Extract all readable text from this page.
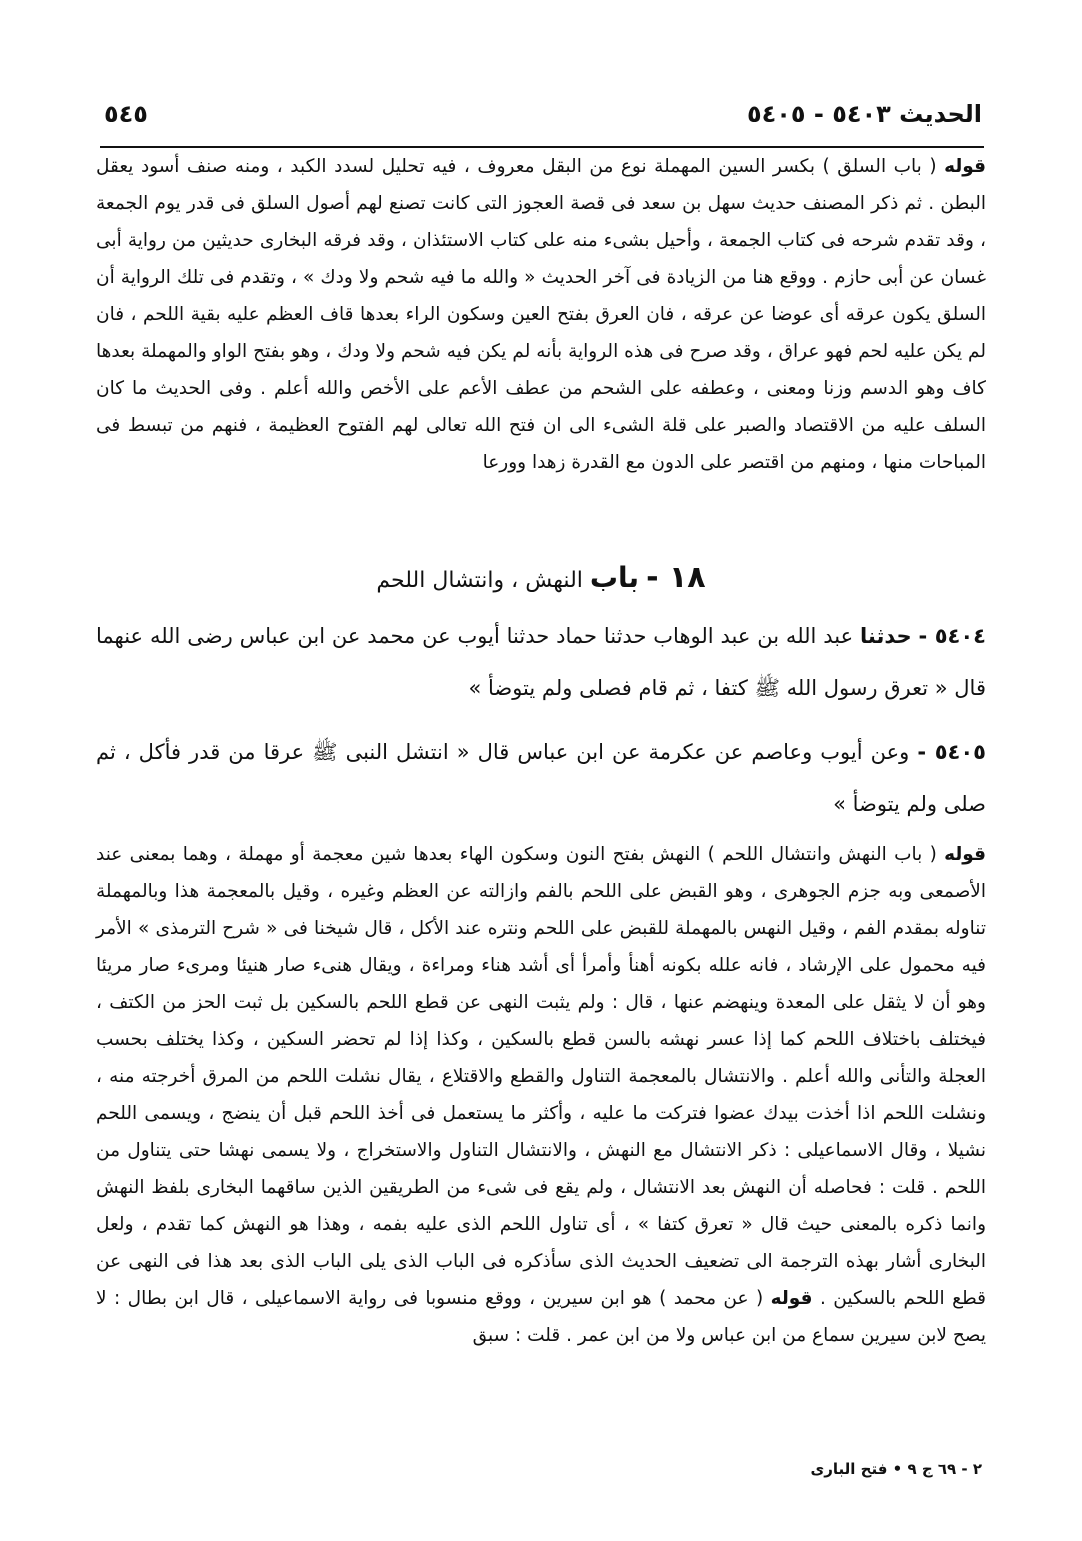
الحديث ٥٤٠٣ - ٥٤٠٥
٥٤٥
قوله ( باب السلق ) بكسر السين المهملة نوع من البقل معروف ، فيه تحليل لسدد الكبد ، ومنه صنف أسود يعقل البطن . ثم ذكر المصنف حديث سهل بن سعد فى قصة العجوز التى كانت تصنع لهم أصول السلق فى قدر يوم الجمعة ، وقد تقدم شرحه فى كتاب الجمعة ، وأحيل بشىء منه على كتاب الاستئذان ، وقد فرقه البخارى حديثين من رواية أبى غسان عن أبى حازم . ووقع هنا من الزيادة فى آخر الحديث « والله ما فيه شحم ولا ودك » ، وتقدم فى تلك الرواية أن السلق يكون عرقه أى عوضا عن عرقه ، فان العرق بفتح العين وسكون الراء بعدها قاف العظم عليه بقية اللحم ، فان لم يكن عليه لحم فهو عراق ، وقد صرح فى هذه الرواية بأنه لم يكن فيه شحم ولا ودك ، وهو بفتح الواو والمهملة بعدها كاف وهو الدسم وزنا ومعنى ، وعطفه على الشحم من عطف الأعم على الأخص والله أعلم . وفى الحديث ما كان السلف عليه من الاقتصاد والصبر على قلة الشىء الى ان فتح الله تعالى لهم الفتوح العظيمة ، فنهم من تبسط فى المباحات منها ، ومنهم من اقتصر على الدون مع القدرة زهدا وورعا
١٨ - باب النهش ، وانتشال اللحم
٥٤٠٤ - حدثنا عبد الله بن عبد الوهاب حدثنا حماد حدثنا أيوب عن محمد عن ابن عباس رضى الله عنهما قال « تعرق رسول الله ﷺ كتفا ، ثم قام فصلى ولم يتوضأ »
٥٤٠٥ - وعن أيوب وعاصم عن عكرمة عن ابن عباس قال « انتشل النبى ﷺ عرقا من قدر فأكل ، ثم صلى ولم يتوضأ »
قوله ( باب النهش وانتشال اللحم ) النهش بفتح النون وسكون الهاء بعدها شين معجمة أو مهملة ، وهما بمعنى عند الأصمعى وبه جزم الجوهرى ، وهو القبض على اللحم بالفم وازالته عن العظم وغيره ، وقيل بالمعجمة هذا وبالمهملة تناوله بمقدم الفم ، وقيل النهس بالمهملة للقبض على اللحم ونتره عند الأكل ، قال شيخنا فى « شرح الترمذى » الأمر فيه محمول على الإرشاد ، فانه علله بكونه أهنأ وأمرأ أى أشد هناء ومراءة ، ويقال هنىء صار هنيئا ومرىء صار مريئا وهو أن لا يثقل على المعدة وينهضم عنها ، قال : ولم يثبت النهى عن قطع اللحم بالسكين بل ثبت الحز من الكتف ، فيختلف باختلاف اللحم كما إذا عسر نهشه بالسن قطع بالسكين ، وكذا إذا لم تحضر السكين ، وكذا يختلف بحسب العجلة والتأنى والله أعلم . والانتشال بالمعجمة التناول والقطع والاقتلاع ، يقال نشلت اللحم من المرق أخرجته منه ، ونشلت اللحم اذا أخذت بيدك عضوا فتركت ما عليه ، وأكثر ما يستعمل فى أخذ اللحم قبل أن ينضج ، ويسمى اللحم نشيلا ، وقال الاسماعيلى : ذكر الانتشال مع النهش ، والانتشال التناول والاستخراج ، ولا يسمى نهشا حتى يتناول من اللحم . قلت : فحاصله أن النهش بعد الانتشال ، ولم يقع فى شىء من الطريقين الذين ساقهما البخارى بلفظ النهش وانما ذكره بالمعنى حيث قال « تعرق كتفا » ، أى تناول اللحم الذى عليه بفمه ، وهذا هو النهش كما تقدم ، ولعل البخارى أشار بهذه الترجمة الى تضعيف الحديث الذى سأذكره فى الباب الذى يلى الباب الذى بعد هذا فى النهى عن قطع اللحم بالسكين . قوله ( عن محمد ) هو ابن سيرين ، ووقع منسوبا فى رواية الاسماعيلى ، قال ابن بطال : لا يصح لابن سيرين سماع من ابن عباس ولا من ابن عمر . قلت : سبق
٢ - ٦٩ ج ٩ • فتح البارى
